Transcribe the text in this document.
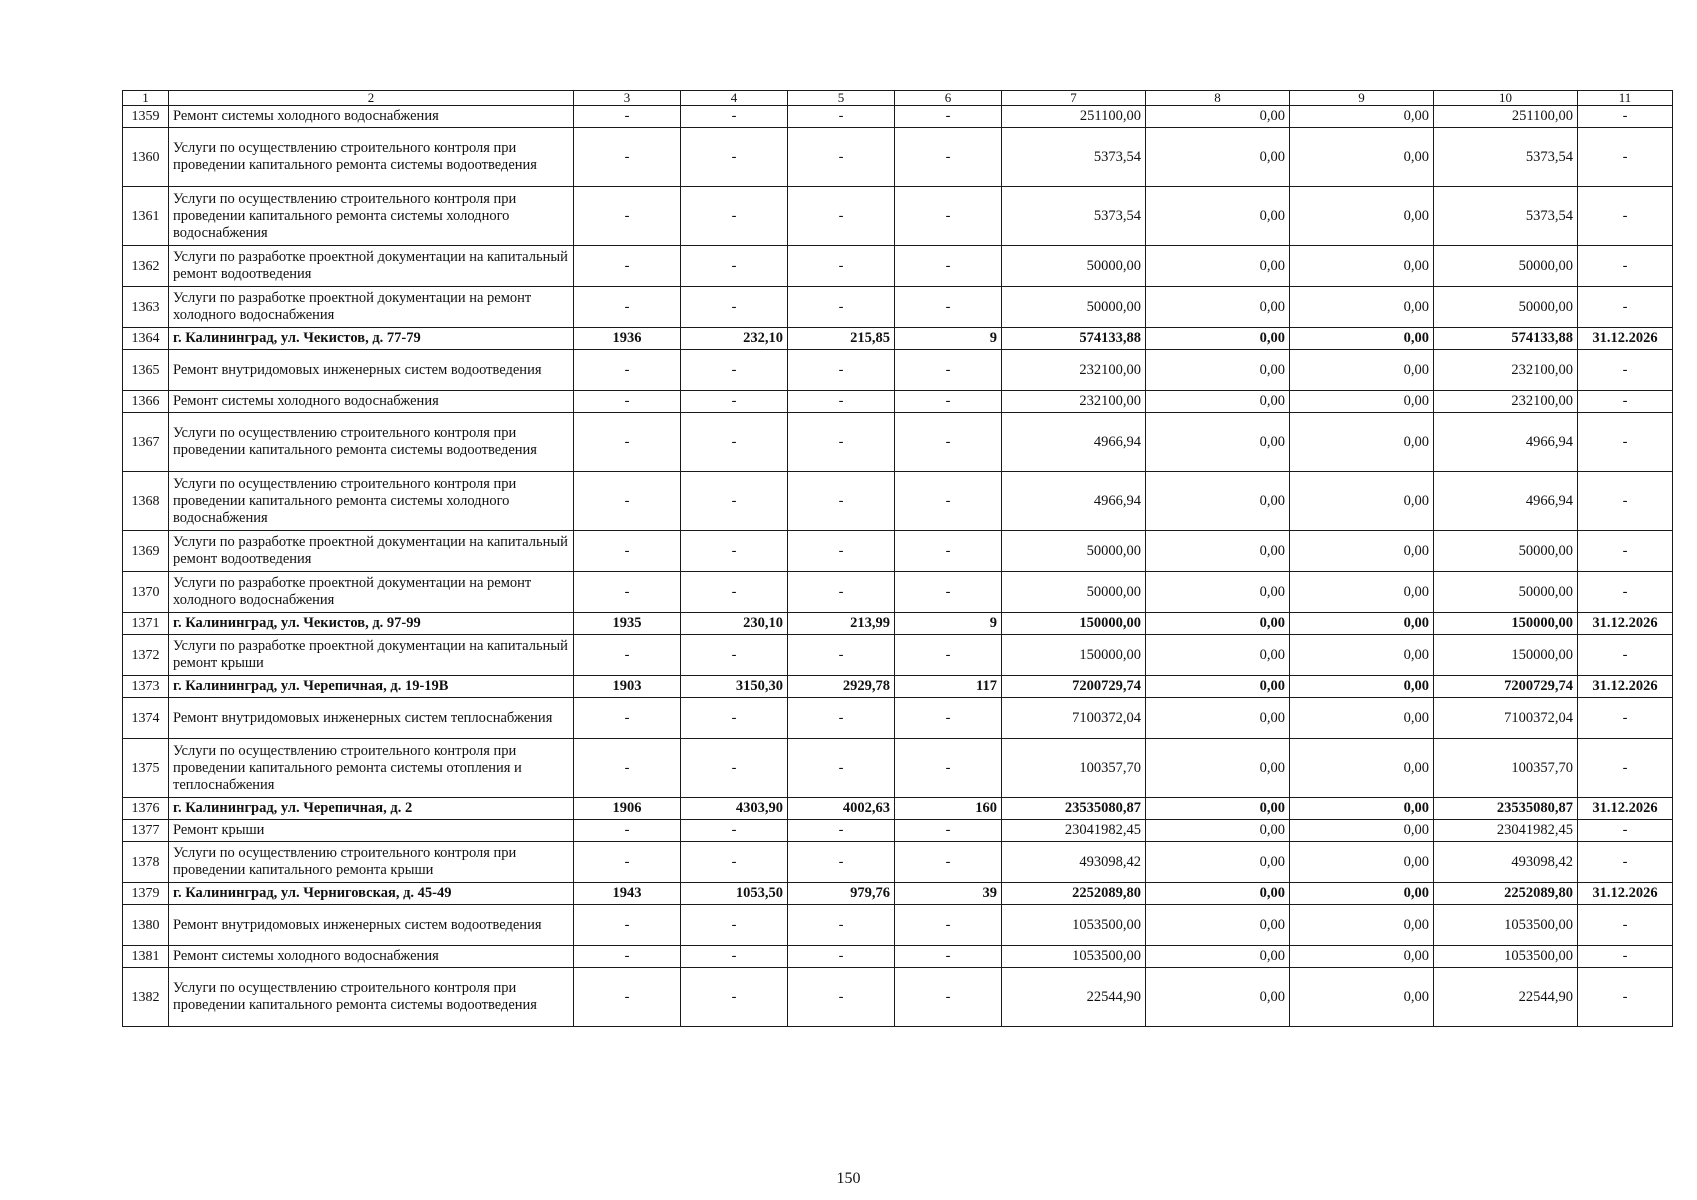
1	2	3	4	5	6	7	8	9	10	11
1359	Ремонт системы холодного водоснабжения	-	-	-	-	251100,00	0,00	0,00	251100,00	-
1360	Услуги по осуществлению строительного контроля при проведении капитального ремонта системы водоотведения	-	-	-	-	5373,54	0,00	0,00	5373,54	-
1361	Услуги по осуществлению строительного контроля при проведении капитального ремонта системы холодного водоснабжения	-	-	-	-	5373,54	0,00	0,00	5373,54	-
1362	Услуги по разработке проектной документации на капитальный ремонт водоотведения	-	-	-	-	50000,00	0,00	0,00	50000,00	-
1363	Услуги по разработке проектной документации на ремонт холодного водоснабжения	-	-	-	-	50000,00	0,00	0,00	50000,00	-
1364	г. Калининград, ул. Чекистов, д. 77-79	1936	232,10	215,85	9	574133,88	0,00	0,00	574133,88	31.12.2026
1365	Ремонт внутридомовых инженерных систем водоотведения	-	-	-	-	232100,00	0,00	0,00	232100,00	-
1366	Ремонт системы холодного водоснабжения	-	-	-	-	232100,00	0,00	0,00	232100,00	-
1367	Услуги по осуществлению строительного контроля при проведении капитального ремонта системы водоотведения	-	-	-	-	4966,94	0,00	0,00	4966,94	-
1368	Услуги по осуществлению строительного контроля при проведении капитального ремонта системы холодного водоснабжения	-	-	-	-	4966,94	0,00	0,00	4966,94	-
1369	Услуги по разработке проектной документации на капитальный ремонт водоотведения	-	-	-	-	50000,00	0,00	0,00	50000,00	-
1370	Услуги по разработке проектной документации на ремонт холодного водоснабжения	-	-	-	-	50000,00	0,00	0,00	50000,00	-
1371	г. Калининград, ул. Чекистов, д. 97-99	1935	230,10	213,99	9	150000,00	0,00	0,00	150000,00	31.12.2026
1372	Услуги по разработке проектной документации на капитальный ремонт крыши	-	-	-	-	150000,00	0,00	0,00	150000,00	-
1373	г. Калининград, ул. Черепичная, д. 19-19В	1903	3150,30	2929,78	117	7200729,74	0,00	0,00	7200729,74	31.12.2026
1374	Ремонт внутридомовых инженерных систем теплоснабжения	-	-	-	-	7100372,04	0,00	0,00	7100372,04	-
1375	Услуги по осуществлению строительного контроля при проведении капитального ремонта системы отопления и теплоснабжения	-	-	-	-	100357,70	0,00	0,00	100357,70	-
1376	г. Калининград, ул. Черепичная, д. 2	1906	4303,90	4002,63	160	23535080,87	0,00	0,00	23535080,87	31.12.2026
1377	Ремонт крыши	-	-	-	-	23041982,45	0,00	0,00	23041982,45	-
1378	Услуги по осуществлению строительного контроля при проведении капитального ремонта крыши	-	-	-	-	493098,42	0,00	0,00	493098,42	-
1379	г. Калининград, ул. Черниговская, д. 45-49	1943	1053,50	979,76	39	2252089,80	0,00	0,00	2252089,80	31.12.2026
1380	Ремонт внутридомовых инженерных систем водоотведения	-	-	-	-	1053500,00	0,00	0,00	1053500,00	-
1381	Ремонт системы холодного водоснабжения	-	-	-	-	1053500,00	0,00	0,00	1053500,00	-
1382	Услуги по осуществлению строительного контроля при проведении капитального ремонта системы водоотведения	-	-	-	-	22544,90	0,00	0,00	22544,90	-
150
